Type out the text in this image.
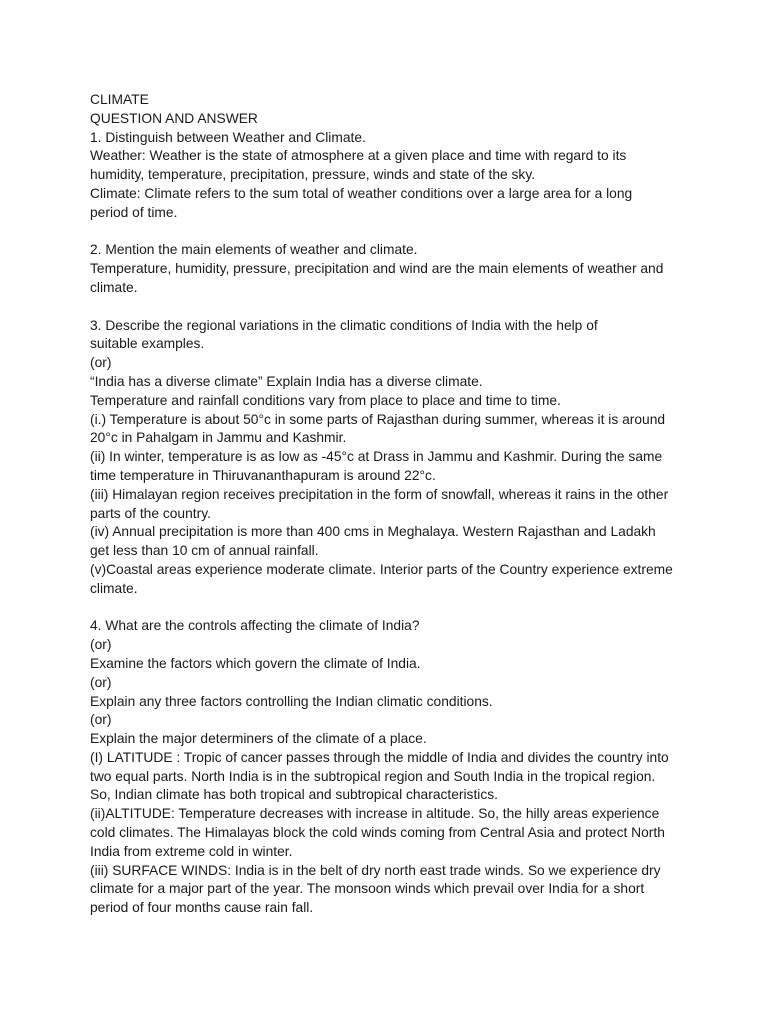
CLIMATE
QUESTION AND ANSWER
1. Distinguish between Weather and Climate.
Weather: Weather is the state of atmosphere at a given place and time with regard to its
humidity, temperature, precipitation, pressure, winds and state of the sky.
Climate: Climate refers to the sum total of weather conditions over a large area for a long
period of time.
2. Mention the main elements of weather and climate.
Temperature, humidity, pressure, precipitation and wind are the main elements of weather and
climate.
3. Describe the regional variations in the climatic conditions of India with the help of
suitable examples.
(or)
“India has a diverse climate” Explain India has a diverse climate.
Temperature and rainfall conditions vary from place to place and time to time.
(i.) Temperature is about 50°c in some parts of Rajasthan during summer, whereas it is around
20°c in Pahalgam in Jammu and Kashmir.
(ii) In winter, temperature is as low as -45°c at Drass in Jammu and Kashmir. During the same
time temperature in Thiruvananthapuram is around 22°c.
(iii) Himalayan region receives precipitation in the form of snowfall, whereas it rains in the other
parts of the country.
(iv) Annual precipitation is more than 400 cms in Meghalaya. Western Rajasthan and Ladakh
get less than 10 cm of annual rainfall.
(v)Coastal areas experience moderate climate. Interior parts of the Country experience extreme
climate.
4. What are the controls affecting the climate of India?
(or)
Examine the factors which govern the climate of India.
(or)
Explain any three factors controlling the Indian climatic conditions.
(or)
Explain the major determiners of the climate of a place.
(I) LATITUDE : Tropic of cancer passes through the middle of India and divides the country into
two equal parts. North India is in the subtropical region and South India in the tropical region.
So, Indian climate has both tropical and subtropical characteristics.
(ii)ALTITUDE: Temperature decreases with increase in altitude. So, the hilly areas experience
cold climates. The Himalayas block the cold winds coming from Central Asia and protect North
India from extreme cold in winter.
(iii) SURFACE WINDS: India is in the belt of dry north east trade winds. So we experience dry
climate for a major part of the year. The monsoon winds which prevail over India for a short
period of four months cause rain fall.
